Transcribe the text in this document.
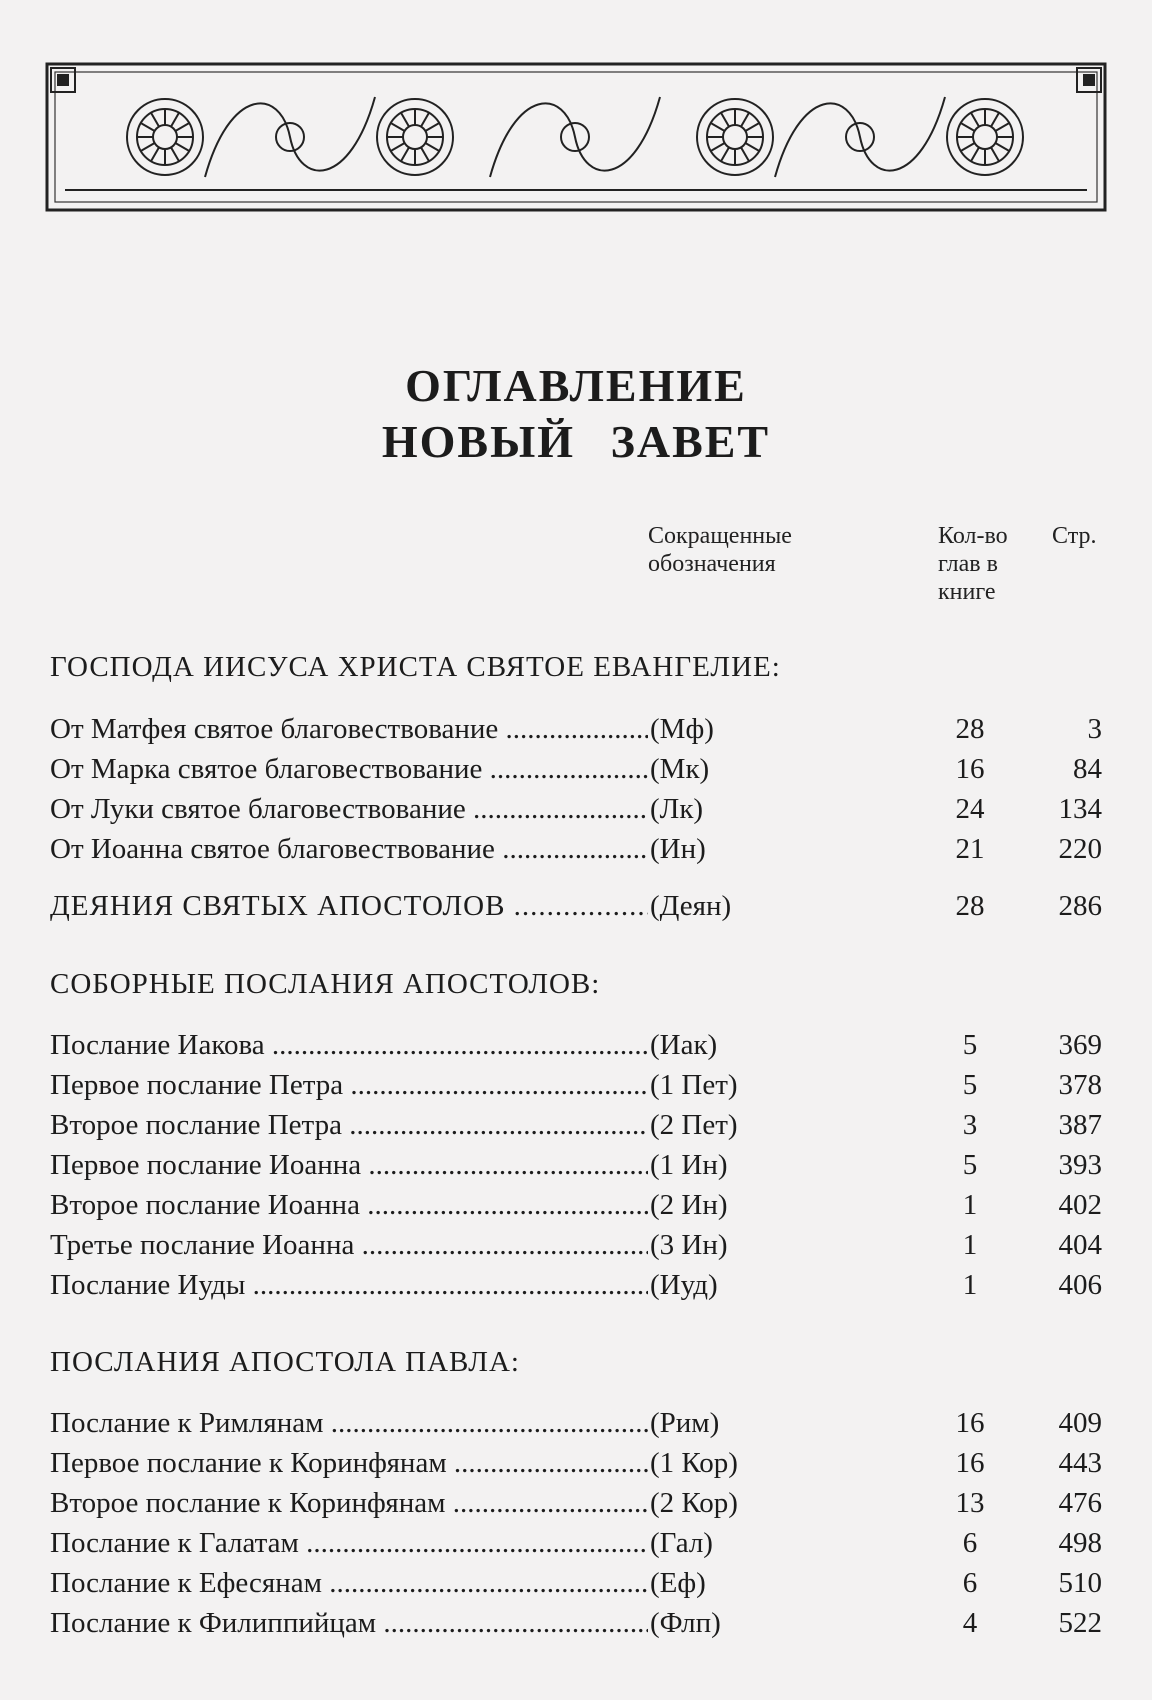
ОГЛАВЛЕНИЕ
НОВЫЙ ЗАВЕТ
Сокращенные обозначения
Кол-во глав в книге
Стр.
ГОСПОДА ИИСУСА ХРИСТА СВЯТОЕ ЕВАНГЕЛИЕ:
От Матфея святое благовествование .....	(Мф)	28	3
От Марка святое благовествование .....	(Мк)	16	84
От Луки святое благовествование .....	(Лк)	24	134
От Иоанна святое благовествование .....	(Ин)	21	220
ДЕЯНИЯ СВЯТЫХ АПОСТОЛОВ .....	(Деян)	28	286
СОБОРНЫЕ ПОСЛАНИЯ АПОСТОЛОВ:
Послание Иакова .....	(Иак)	5	369
Первое послание Петра .....	(1 Пет)	5	378
Второе послание Петра .....	(2 Пет)	3	387
Первое послание Иоанна .....	(1 Ин)	5	393
Второе послание Иоанна .....	(2 Ин)	1	402
Третье послание Иоанна .....	(3 Ин)	1	404
Послание Иуды .....	(Иуд)	1	406
ПОСЛАНИЯ АПОСТОЛА ПАВЛА:
Послание к Римлянам .....	(Рим)	16	409
Первое послание к Коринфянам .....	(1 Кор)	16	443
Второе послание к Коринфянам .....	(2 Кор)	13	476
Послание к Галатам .....	(Гал)	6	498
Послание к Ефесянам .....	(Еф)	6	510
Послание к Филиппийцам .....	(Флп)	4	522
